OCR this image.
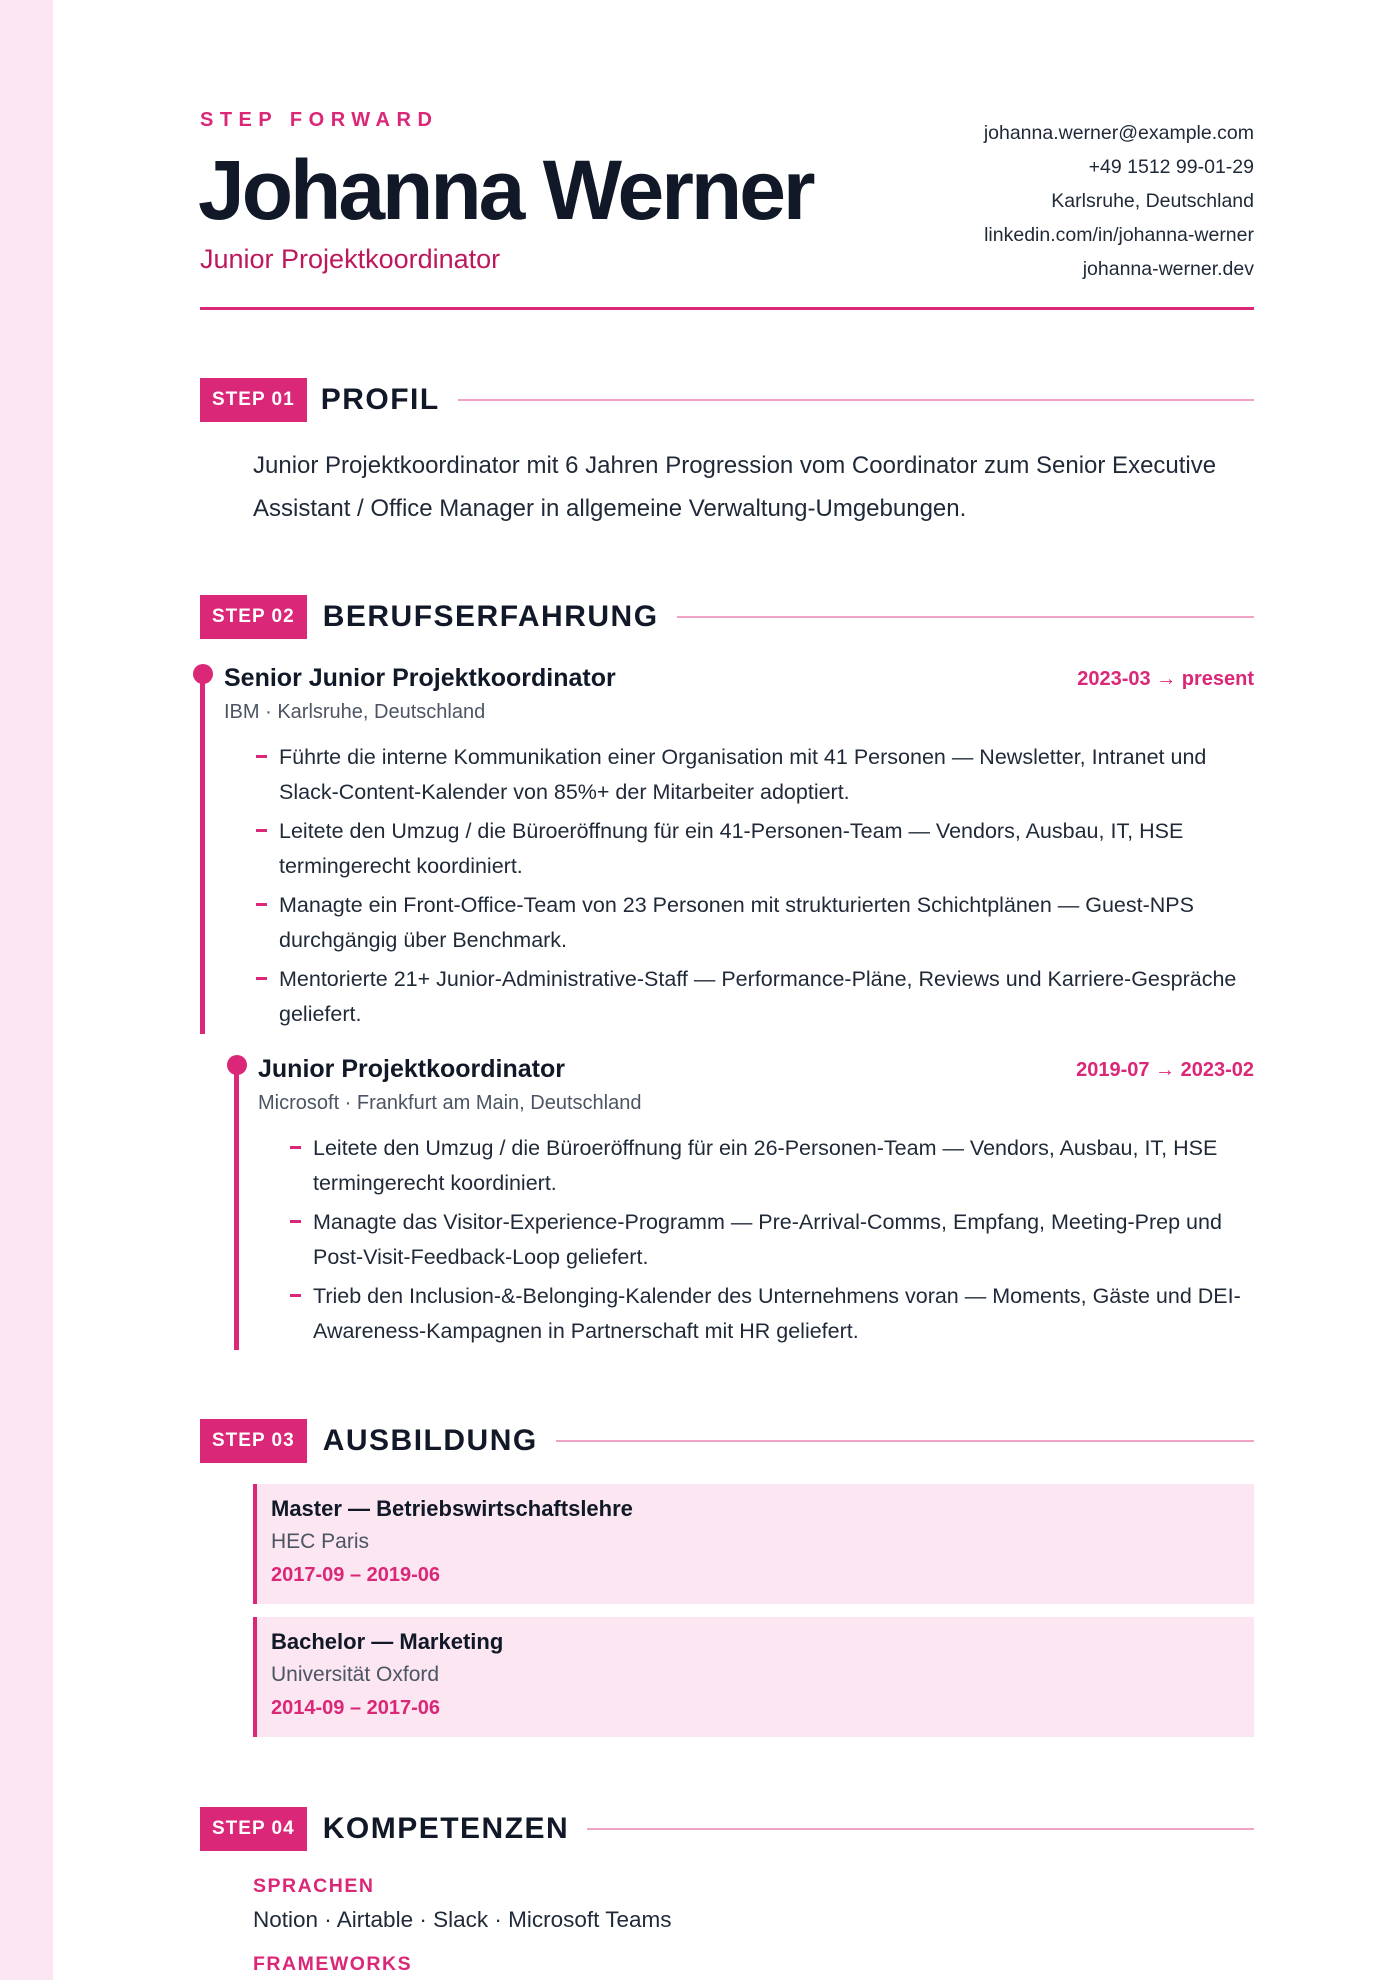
STEP FORWARD
Johanna Werner
Junior Projektkoordinator
johanna.werner@example.com
+49 1512 99-01-29
Karlsruhe, Deutschland
linkedin.com/in/johanna-werner
johanna-werner.dev
STEP 01 PROFIL
Junior Projektkoordinator mit 6 Jahren Progression vom Coordinator zum Senior Executive Assistant / Office Manager in allgemeine Verwaltung-Umgebungen.
STEP 02 BERUFSERFAHRUNG
Senior Junior Projektkoordinator	2023-03 → present
IBM · Karlsruhe, Deutschland
Führte die interne Kommunikation einer Organisation mit 41 Personen — Newsletter, Intranet und Slack-Content-Kalender von 85%+ der Mitarbeiter adoptiert.
Leitete den Umzug / die Büroeröffnung für ein 41-Personen-Team — Vendors, Ausbau, IT, HSE termingerecht koordiniert.
Managte ein Front-Office-Team von 23 Personen mit strukturierten Schichtplänen — Guest-NPS durchgängig über Benchmark.
Mentorierte 21+ Junior-Administrative-Staff — Performance-Pläne, Reviews und Karriere-Gespräche geliefert.
Junior Projektkoordinator	2019-07 → 2023-02
Microsoft · Frankfurt am Main, Deutschland
Leitete den Umzug / die Büroeröffnung für ein 26-Personen-Team — Vendors, Ausbau, IT, HSE termingerecht koordiniert.
Managte das Visitor-Experience-Programm — Pre-Arrival-Comms, Empfang, Meeting-Prep und Post-Visit-Feedback-Loop geliefert.
Trieb den Inclusion-&-Belonging-Kalender des Unternehmens voran — Moments, Gäste und DEI-Awareness-Kampagnen in Partnerschaft mit HR geliefert.
STEP 03 AUSBILDUNG
Master — Betriebswirtschaftslehre
HEC Paris
2017-09 – 2019-06
Bachelor — Marketing
Universität Oxford
2014-09 – 2017-06
STEP 04 KOMPETENZEN
SPRACHEN
Notion · Airtable · Slack · Microsoft Teams
FRAMEWORKS
